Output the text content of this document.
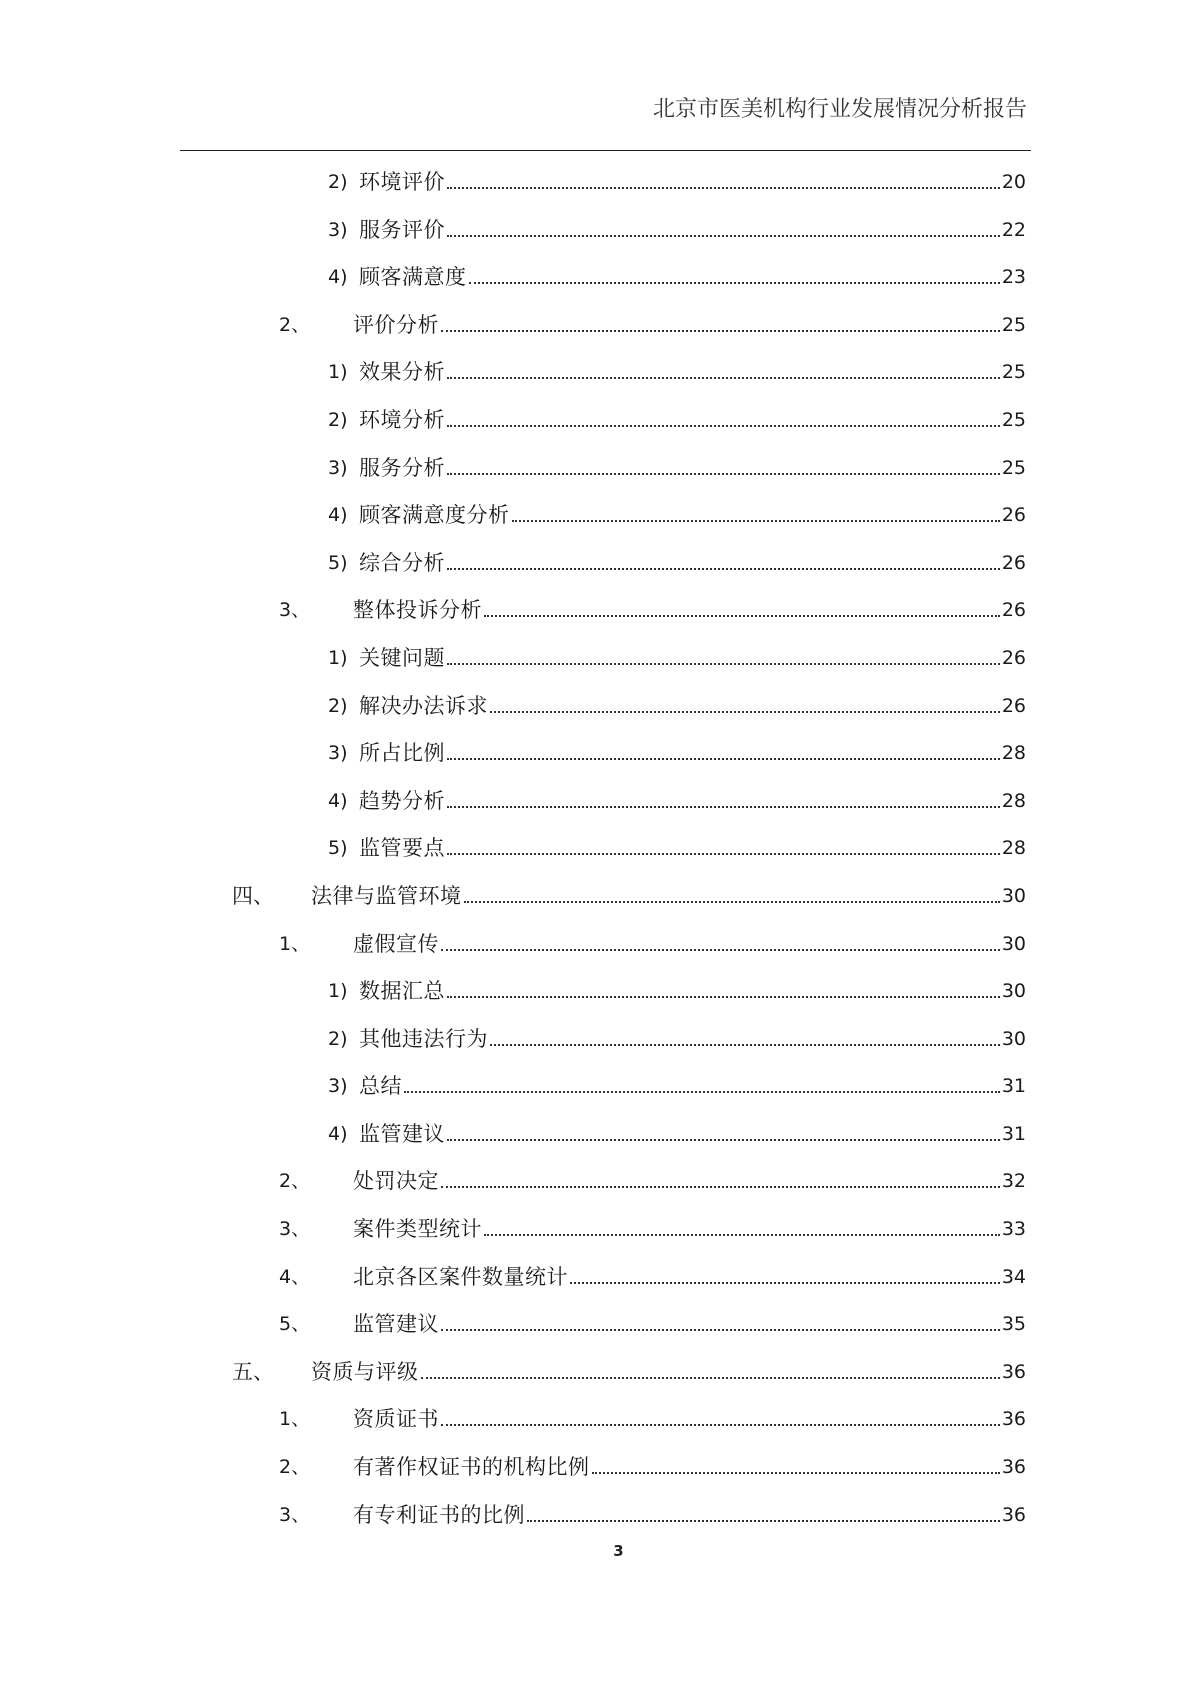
北京市医美机构行业发展情况分析报告
2) 环境评价	20
3) 服务评价	22
4) 顾客满意度	23
2、 评价分析	25
1) 效果分析	25
2) 环境分析	25
3) 服务分析	25
4) 顾客满意度分析	26
5) 综合分析	26
3、 整体投诉分析	26
1) 关键问题	26
2) 解决办法诉求	26
3) 所占比例	28
4) 趋势分析	28
5) 监管要点	28
四、 法律与监管环境	30
1、 虚假宣传	30
1) 数据汇总	30
2) 其他违法行为	30
3) 总结	31
4) 监管建议	31
2、 处罚决定	32
3、 案件类型统计	33
4、 北京各区案件数量统计	34
5、 监管建议	35
五、 资质与评级	36
1、 资质证书	36
2、 有著作权证书的机构比例	36
3、 有专利证书的比例	36
3
